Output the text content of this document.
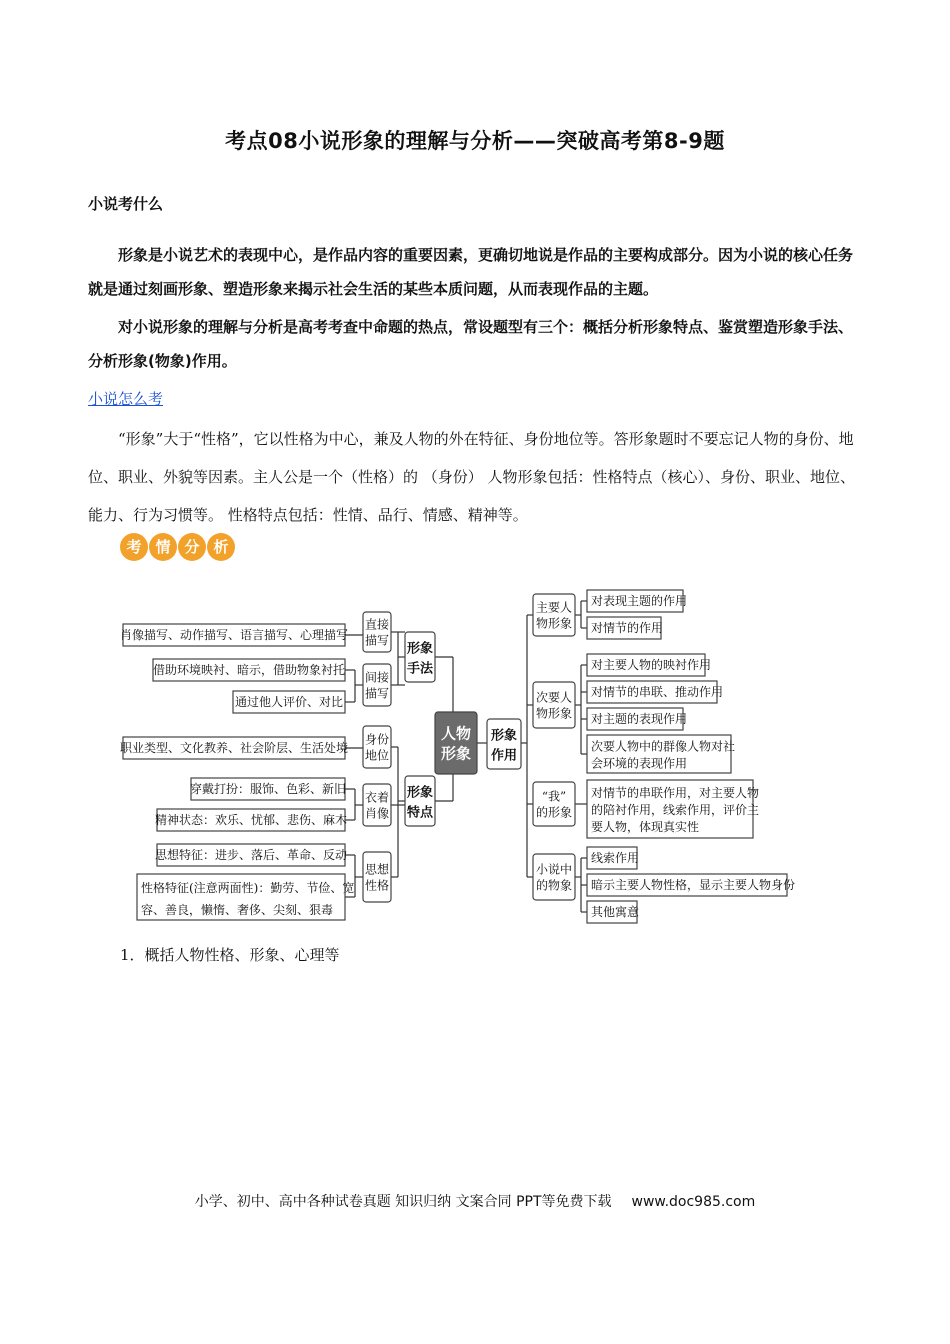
考点08小说形象的理解与分析——突破高考第8-9题
小说考什么

形象是小说艺术的表现中心，是作品内容的重要因素，更确切地说是作品的主要构成部分。因为小说的核心任务就是通过刻画形象、塑造形象来揭示社会生活的某些本质问题，从而表现作品的主题。

对小说形象的理解与分析是高考考查中命题的热点，常设题型有三个：概括分析形象特点、鉴赏塑造形象手法、分析形象(物象)作用。

小说怎么考

“形象”大于“性格”，它以性格为中心，兼及人物的外在特征、身份地位等。答形象题时不要忘记人物的身份、地位、职业、外貌等因素。主人公是一个（性格）的 （身份） 人物形象包括：性格特点（核心）、身份、职业、地位、能力、行为习惯等。 性格特点包括：性情、品行、情感、精神等。

考 情 分 析
人物
形象
形象
手法
直接
描写
间接
描写
肖像描写、动作描写、语言描写、心理描写
借助环境映衬、暗示，借助物象衬托
通过他人评价、对比
形象
特点
身份
地位
衣着
肖像
思想
性格
职业类型、文化教养、社会阶层、生活处境
穿戴打扮：服饰、色彩、新旧
精神状态：欢乐、忧郁、悲伤、麻木
思想特征：进步、落后、革命、反动
性格特征(注意两面性)：勤劳、节俭、宽
容、善良，懒惰、奢侈、尖刻、狠毒
形象
作用
主要人
物形象
次要人
物形象
“我”
的形象
小说中
的物象
对表现主题的作用
对情节的作用
对主要人物的映衬作用
对情节的串联、推动作用
对主题的表现作用
次要人物中的群像人物对社
会环境的表现作用
对情节的串联作用，对主要人物
的陪衬作用，线索作用，评价主
要人物，体现真实性
线索作用
暗示主要人物性格，显示主要人物身份
其他寓意
1．概括人物性格、形象、心理等
小学、初中、高中各种试卷真题 知识归纳 文案合同 PPT等免费下载 www.doc985.com
